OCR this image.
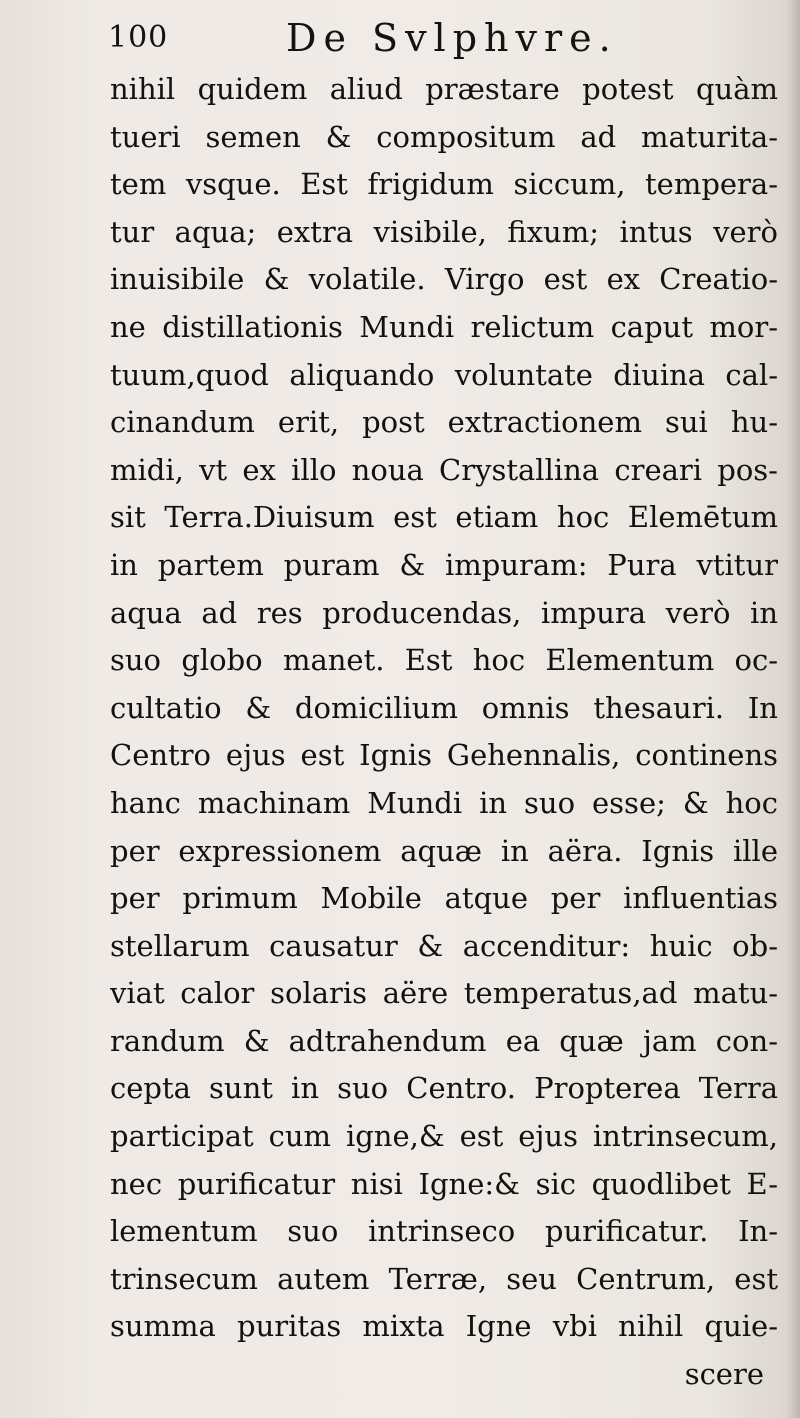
100	De Svlphvre.
nihil quidem aliud præstare potest quàm
tueri semen & compositum ad maturita-
tem vsque. Est frigidum siccum, tempera-
tur aqua; extra visibile, fixum; intus verò
inuisibile & volatile. Virgo est ex Creatio-
ne distillationis Mundi relictum caput mor-
tuum,quod aliquando voluntate diuina cal-
cinandum erit, post extractionem sui hu-
midi, vt ex illo noua Crystallina creari pos-
sit Terra.Diuisum est etiam hoc Elemētum
in partem puram & impuram: Pura vtitur
aqua ad res producendas, impura verò in
suo globo manet. Est hoc Elementum oc-
cultatio & domicilium omnis thesauri. In
Centro ejus est Ignis Gehennalis, continens
hanc machinam Mundi in suo esse; & hoc
per expressionem aquæ in aëra. Ignis ille
per primum Mobile atque per influentias
stellarum causatur & accenditur: huic ob-
viat calor solaris aëre temperatus,ad matu-
randum & adtrahendum ea quæ jam con-
cepta sunt in suo Centro. Propterea Terra
participat cum igne,& est ejus intrinsecum,
nec purificatur nisi Igne:& sic quodlibet E-
lementum suo intrinseco purificatur. In-
trinsecum autem Terræ, seu Centrum, est
summa puritas mixta Igne vbi nihil quie-
scere
